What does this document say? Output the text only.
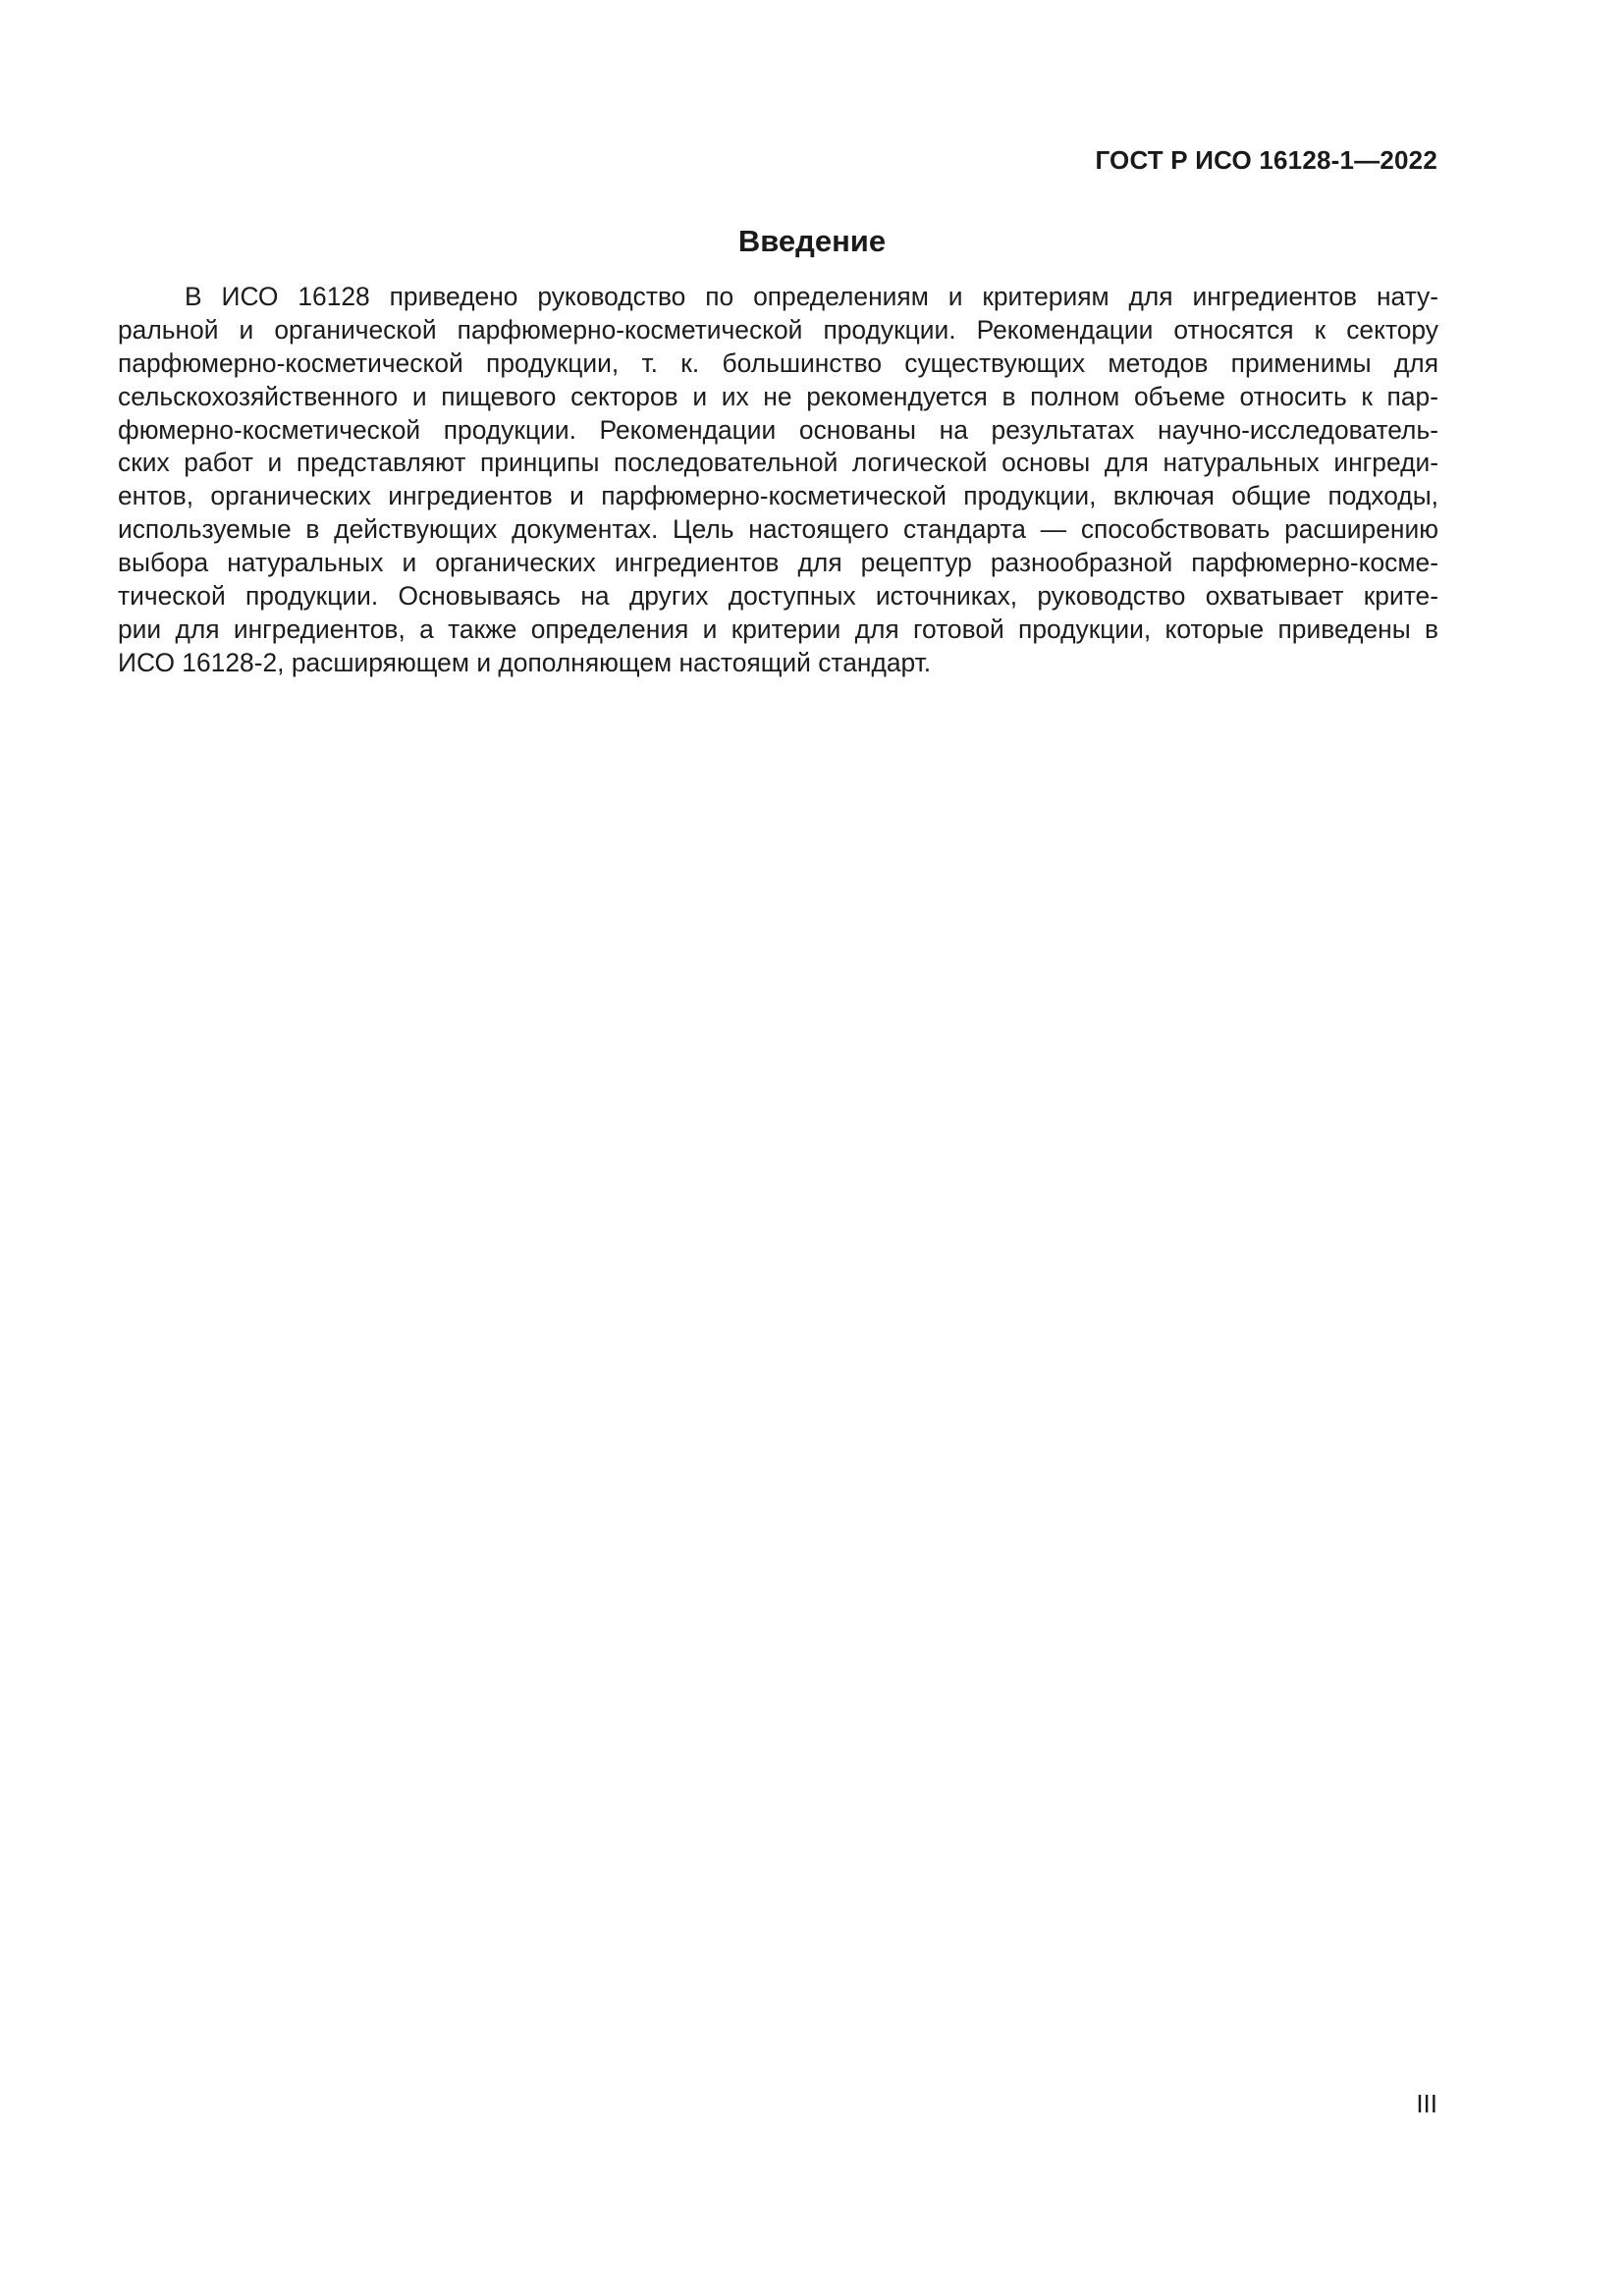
ГОСТ Р ИСО 16128-1—2022
Введение
В ИСО 16128 приведено руководство по определениям и критериям для ингредиентов нату-
ральной и органической парфюмерно-косметической продукции. Рекомендации относятся к сектору
парфюмерно-косметической продукции, т. к. большинство существующих методов применимы для
сельскохозяйственного и пищевого секторов и их не рекомендуется в полном объеме относить к пар-
фюмерно-косметической продукции. Рекомендации основаны на результатах научно-исследователь-
ских работ и представляют принципы последовательной логической основы для натуральных ингреди-
ентов, органических ингредиентов и парфюмерно-косметической продукции, включая общие подходы,
используемые в действующих документах. Цель настоящего стандарта — способствовать расширению
выбора натуральных и органических ингредиентов для рецептур разнообразной парфюмерно-косме-
тической продукции. Основываясь на других доступных источниках, руководство охватывает крите-
рии для ингредиентов, а также определения и критерии для готовой продукции, которые приведены в
ИСО 16128-2, расширяющем и дополняющем настоящий стандарт.
III
